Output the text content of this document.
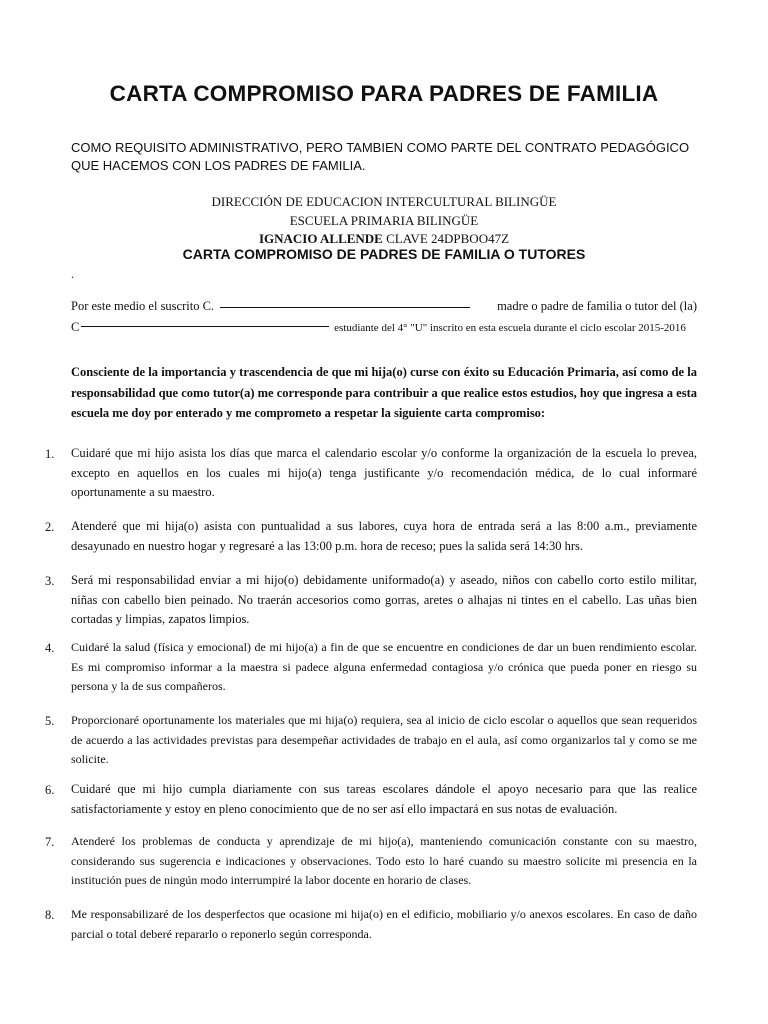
CARTA COMPROMISO PARA PADRES DE FAMILIA
COMO REQUISITO ADMINISTRATIVO, PERO TAMBIEN COMO PARTE DEL CONTRATO PEDAGÓGICO QUE HACEMOS CON LOS PADRES DE FAMILIA.
DIRECCIÓN DE EDUCACION INTERCULTURAL BILINGÜE
ESCUELA PRIMARIA BILINGÜE
IGNACIO ALLENDE CLAVE 24DPBOO47Z
CARTA COMPROMISO DE PADRES DE FAMILIA O TUTORES
.
Por este medio el suscrito C.	madre o padre de familia o tutor del (la)
C	estudiante del 4° "U" inscrito en esta escuela durante el ciclo escolar 2015-2016
Consciente de la importancia y trascendencia de que mi hija(o) curse con éxito su Educación Primaria, así como de la responsabilidad que como tutor(a) me corresponde para contribuir a que realice estos estudios, hoy que ingresa a esta escuela me doy por enterado y me comprometo a respetar la siguiente carta compromiso:
1.	Cuidaré que mi hijo asista los días que marca el calendario escolar y/o conforme la organización de la escuela lo prevea, excepto en aquellos en los cuales mi hijo(a) tenga justificante y/o recomendación médica, de lo cual informaré oportunamente a su maestro.
2.	Atenderé que mi hija(o) asista con puntualidad a sus labores, cuya hora de entrada será a las 8:00 a.m., previamente desayunado en nuestro hogar y regresaré a las 13:00 p.m. hora de receso; pues la salida será 14:30 hrs.
3.	Será mi responsabilidad enviar a mi hijo(o) debidamente uniformado(a) y aseado, niños con cabello corto estilo militar, niñas con cabello bien peinado. No traerán accesorios como gorras, aretes o alhajas ni tintes en el cabello. Las uñas bien cortadas y limpias, zapatos limpios.
4.	Cuidaré la salud (física y emocional) de mi hijo(a) a fin de que se encuentre en condiciones de dar un buen rendimiento escolar. Es mi compromiso informar a la maestra si padece alguna enfermedad contagiosa y/o crónica que pueda poner en riesgo su persona y la de sus compañeros.
5.	Proporcionaré oportunamente los materiales que mi hija(o) requiera, sea al inicio de ciclo escolar o aquellos que sean requeridos de acuerdo a las actividades previstas para desempeñar actividades de trabajo en el aula, así como organizarlos tal y como se me solicite.
6.	Cuidaré que mi hijo cumpla diariamente con sus tareas escolares dándole el apoyo necesario para que las realice satisfactoriamente y estoy en pleno conocimiento que de no ser así ello impactará en sus notas de evaluación.
7.	Atenderé los problemas de conducta y aprendizaje de mi hijo(a), manteniendo comunicación constante con su maestro, considerando sus sugerencia e indicaciones y observaciones. Todo esto lo haré cuando su maestro solicite mi presencia en la institución pues de ningún modo interrumpiré la labor docente en horario de clases.
8.	Me responsabilizaré de los desperfectos que ocasione mi hija(o) en el edificio, mobiliario y/o anexos escolares. En caso de daño parcial o total deberé repararlo o reponerlo según corresponda.
